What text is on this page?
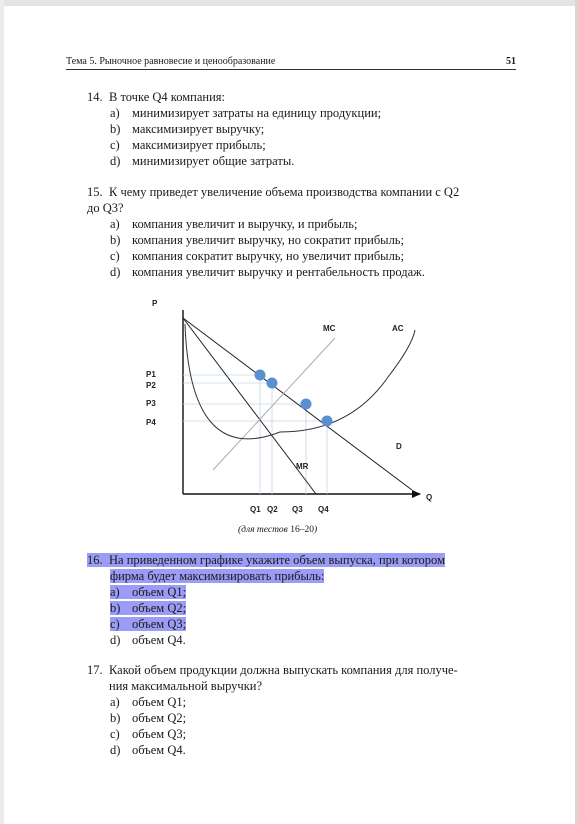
Тема 5. Рыночное равновесие и ценообразование	51
14. В точке Q4 компания:
a) минимизирует затраты на единицу продукции;
b) максимизирует выручку;
c) максимизирует прибыль;
d) минимизирует общие затраты.
15. К чему приведет увеличение объема производства компании с Q2
до Q3?
a) компания увеличит и выручку, и прибыль;
b) компания увеличит выручку, но сократит прибыль;
c) компания сократит выручку, но увеличит прибыль;
d) компания увеличит выручку и рентабельность продаж.
P
Q
MC	AC
MR
D
P1
P2
P3
P4
Q1 Q2 Q3 Q4
(для тестов 16–20)
16. На приведенном графике укажите объем выпуска, при котором
фирма будет максимизировать прибыль:
a) объем Q1;
b) объем Q2;
c) объем Q3;
d) объем Q4.
17. Какой объем продукции должна выпускать компания для получе-
ния максимальной выручки?
a) объем Q1;
b) объем Q2;
c) объем Q3;
d) объем Q4.
